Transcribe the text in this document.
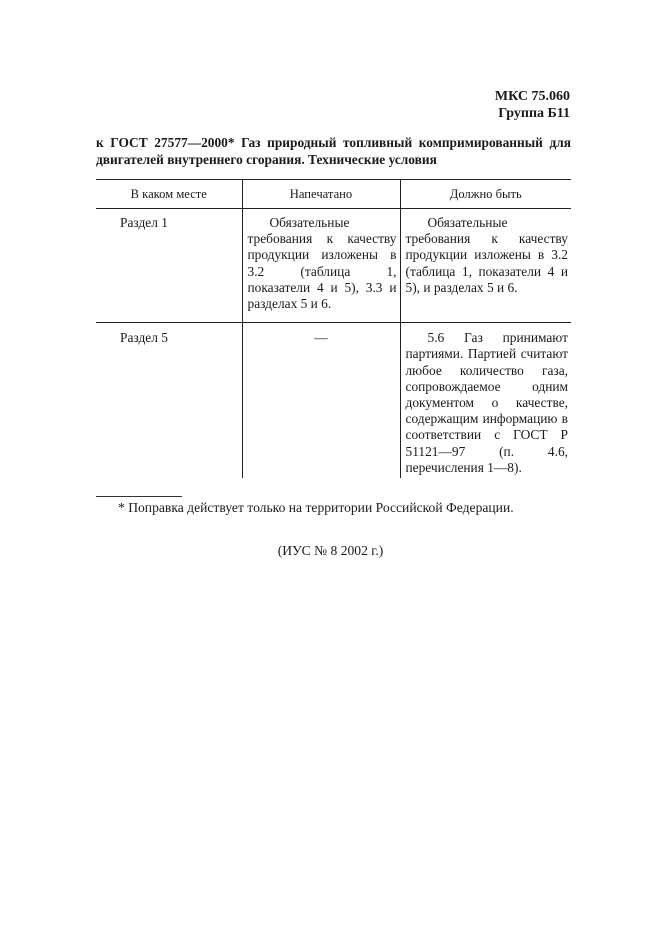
МКС 75.060
Группа Б11
к ГОСТ 27577—2000* Газ природный топливный компримированный для двигателей внутреннего сгорания. Технические условия
В каком месте	Напечатано	Должно быть
Раздел 1	Обязательные требования к качеству продукции изложены в 3.2 (таблица 1, показатели 4 и 5), 3.3 и разделах 5 и 6.	Обязательные требования к качеству продукции изложены в 3.2 (таблица 1, показатели 4 и 5), и разделах 5 и 6.

Раздел 5	—	5.6 Газ принимают партиями. Партией считают любое количество газа, сопровождаемое одним документом о качестве, содержащим информацию в соответствии с ГОСТ Р 51121—97 (п. 4.6, перечисления 1—8).
* Поправка действует только на территории Российской Федерации.
(ИУС № 8 2002 г.)
